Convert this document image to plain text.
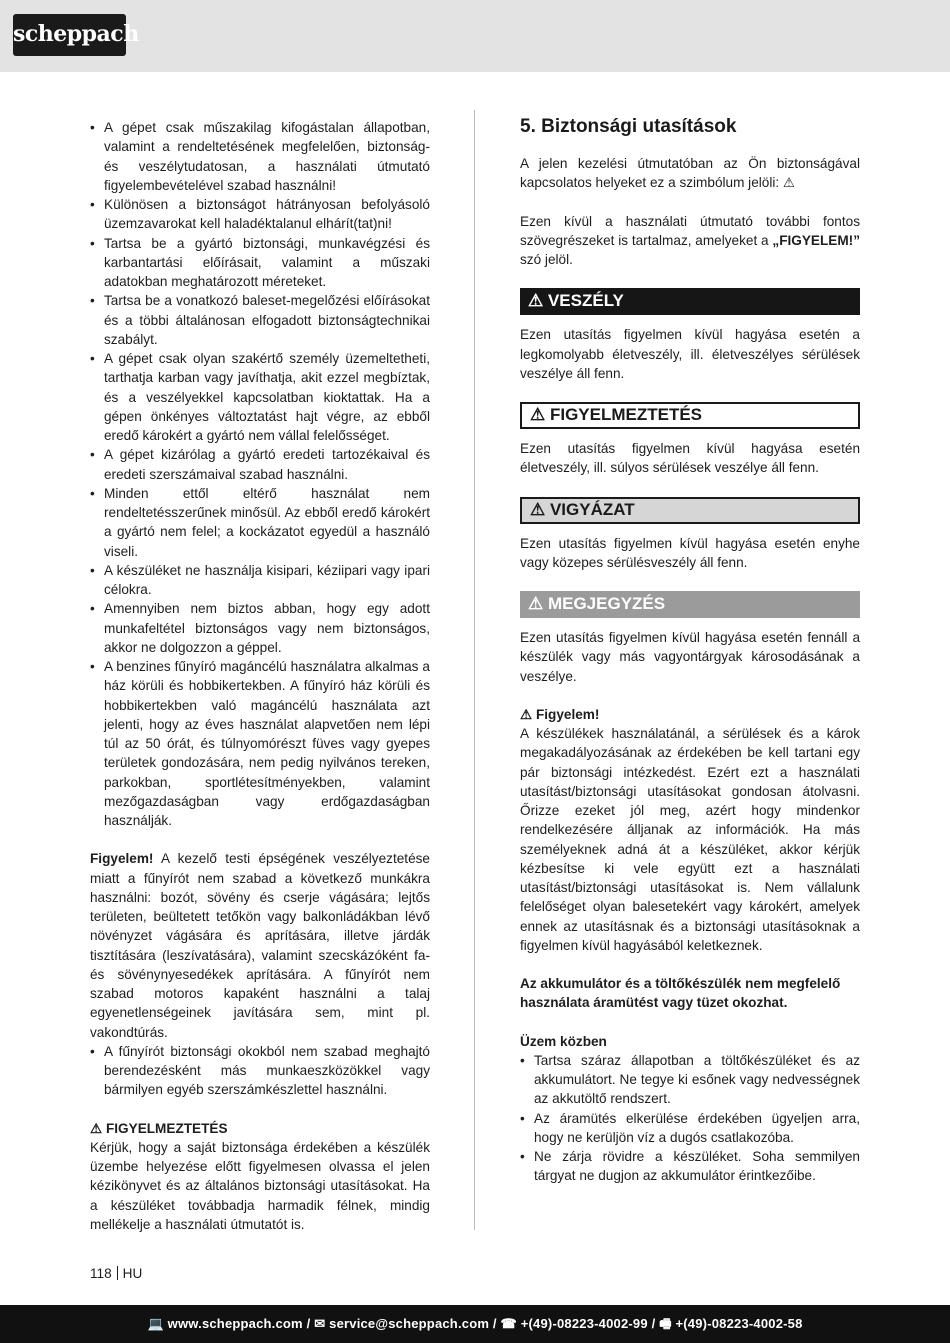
scheppach
• A gépet csak műszakilag kifogástalan állapotban, valamint a rendeltetésének megfelelően, biztonság- és veszélytudatosan, a használati útmutató figyelembevételével szabad használni!
• Különösen a biztonságot hátrányosan befolyásoló üzemzavarokat kell haladéktalanul elhárít(tat)ni!
• Tartsa be a gyártó biztonsági, munkavégzési és karbantartási előírásait, valamint a műszaki adatokban meghatározott méreteket.
• Tartsa be a vonatkozó baleset-megelőzési előírásokat és a többi általánosan elfogadott biztonságtechnikai szabályt.
• A gépet csak olyan szakértő személy üzemeltetheti, tarthatja karban vagy javíthatja, akit ezzel megbíztak, és a veszélyekkel kapcsolatban kioktattak. Ha a gépen önkényes változtatást hajt végre, az ebből eredő károkért a gyártó nem vállal felelősséget.
• A gépet kizárólag a gyártó eredeti tartozékaival és eredeti szerszámaival szabad használni.
• Minden ettől eltérő használat nem rendeltetésszerűnek minősül. Az ebből eredő károkért a gyártó nem felel; a kockázatot egyedül a használó viseli.
• A készüléket ne használja kisipari, kéziipari vagy ipari célokra.
• Amennyiben nem biztos abban, hogy egy adott munkafeltétel biztonságos vagy nem biztonságos, akkor ne dolgozzon a géppel.
• A benzines fűnyíró magáncélú használatra alkalmas a ház körüli és hobbikertekben. A fűnyíró ház körüli és hobbikertekben való magáncélú használata azt jelenti, hogy az éves használat alapvetően nem lépi túl az 50 órát, és túlnyomórészt füves vagy gyepes területek gondozására, nem pedig nyilvános tereken, parkokban, sportlétesítményekben, valamint mezőgazdaságban vagy erdőgazdaságban használják.

Figyelem! A kezelő testi épségének veszélyeztetése miatt a fűnyírót nem szabad a következő munkákra használni: bozót, sövény és cserje vágására; lejtős területen, beültetett tetőkön vagy balkonládákban lévő növényzet vágására és aprítására, illetve járdák tisztítására (leszívatására), valamint szecskázóként fa- és sövénynyesedékek aprítására. A fűnyírót nem szabad motoros kapaként használni a talaj egyenetlenségeinek javítására sem, mint pl. vakondtúrás.

• A fűnyírót biztonsági okokból nem szabad meghajtó berendezésként más munkaeszközökkel vagy bármilyen egyéb szerszámkészlettel használni.

⚠ FIGYELMEZTETÉS

Kérjük, hogy a saját biztonsága érdekében a készülék üzembe helyezése előtt figyelmesen olvassa el jelen kézikönyvet és az általános biztonsági utasításokat. Ha a készüléket továbbadja harmadik félnek, mindig mellékelje a használati útmutatót is.

5. Biztonsági utasítások

A jelen kezelési útmutatóban az Ön biztonságával kapcsolatos helyeket ez a szimbólum jelöli: ⚠

Ezen kívül a használati útmutató további fontos szövegrészeket is tartalmaz, amelyeket a „FIGYELEM!” szó jelöl.

⚠ VESZÉLY

Ezen utasítás figyelmen kívül hagyása esetén a legkomolyabb életveszély, ill. életveszélyes sérülések veszélye áll fenn.

⚠ FIGYELMEZTETÉS

Ezen utasítás figyelmen kívül hagyása esetén életveszély, ill. súlyos sérülések veszélye áll fenn.

⚠ VIGYÁZAT

Ezen utasítás figyelmen kívül hagyása esetén enyhe vagy közepes sérülésveszély áll fenn.

⚠ MEGJEGYZÉS

Ezen utasítás figyelmen kívül hagyása esetén fennáll a készülék vagy más vagyontárgyak károsodásának a veszélye.

⚠ Figyelem!

A készülékek használatánál, a sérülések és a károk megakadályozásának az érdekében be kell tartani egy pár biztonsági intézkedést. Ezért ezt a használati utasítást/biztonsági utasításokat gondosan átolvasni. Őrizze ezeket jól meg, azért hogy mindenkor rendelkezésére álljanak az információk. Ha más személyeknek adná át a készüléket, akkor kérjük kézbesítse ki vele együtt ezt a használati utasítást/biztonsági utasításokat is. Nem vállalunk felelőséget olyan balesetekért vagy károkért, amelyek ennek az utasításnak és a biztonsági utasításoknak a figyelmen kívül hagyásából keletkeznek.

Az akkumulátor és a töltőkészülék nem megfelelő használata áramütést vagy tüzet okozhat.

Üzem közben

• Tartsa száraz állapotban a töltőkészüléket és az akkumulátort. Ne tegye ki esőnek vagy nedvességnek az akkutöltő rendszert.
• Az áramütés elkerülése érdekében ügyeljen arra, hogy ne kerüljön víz a dugós csatlakozóba.
• Ne zárja rövidre a készüléket. Soha semmilyen tárgyat ne dugjon az akkumulátor érintkezőibe.
118 HU
💻 www.scheppach.com / ✉ service@scheppach.com / ☎ +(49)-08223-4002-99 / 🖷 +(49)-08223-4002-58
